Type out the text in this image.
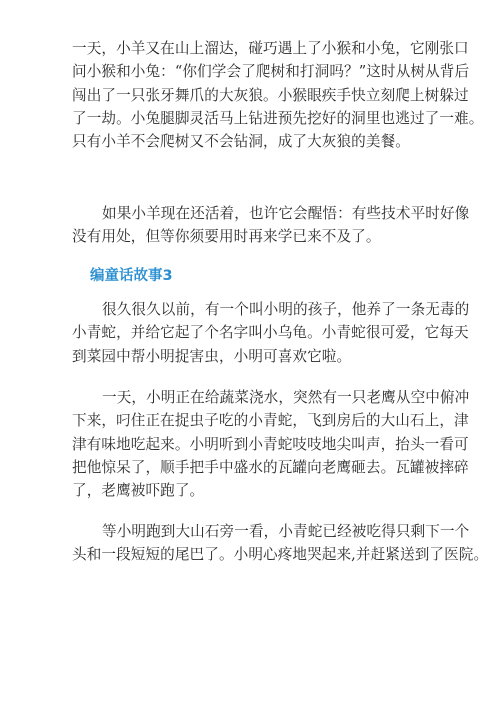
一天，小羊又在山上溜达，碰巧遇上了小猴和小兔，它刚张口
问小猴和小兔：“你们学会了爬树和打洞吗？”这时从树从背后
闯出了一只张牙舞爪的大灰狼。小猴眼疾手快立刻爬上树躲过
了一劫。小兔腿脚灵活马上钻进预先挖好的洞里也逃过了一难。
只有小羊不会爬树又不会钻洞，成了大灰狼的美餐。
如果小羊现在还活着，也许它会醒悟：有些技术平时好像
没有用处，但等你须要用时再来学已来不及了。
编童话故事3
很久很久以前，有一个叫小明的孩子，他养了一条无毒的
小青蛇，并给它起了个名字叫小乌龟。小青蛇很可爱，它每天
到菜园中帮小明捉害虫，小明可喜欢它啦。
一天，小明正在给蔬菜浇水，突然有一只老鹰从空中俯冲
下来，叼住正在捉虫子吃的小青蛇，飞到房后的大山石上，津
津有味地吃起来。小明听到小青蛇吱吱地尖叫声，抬头一看可
把他惊呆了，顺手把手中盛水的瓦罐向老鹰砸去。瓦罐被摔碎
了，老鹰被吓跑了。
等小明跑到大山石旁一看，小青蛇已经被吃得只剩下一个
头和一段短短的尾巴了。小明心疼地哭起来,并赶紧送到了医院。
